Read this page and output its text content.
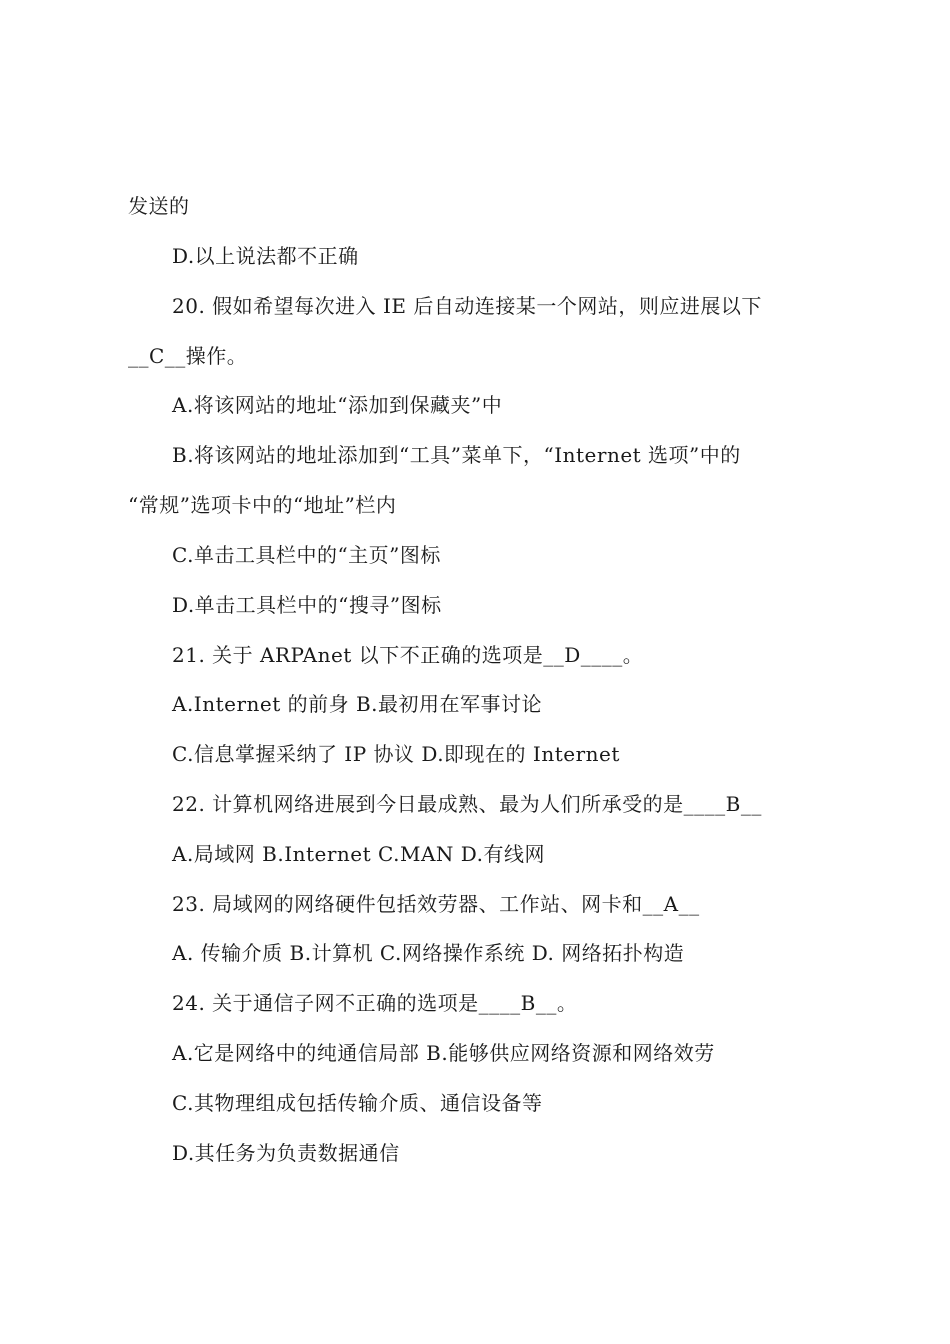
发送的
D.以上说法都不正确
20. 假如希望每次进入 IE 后自动连接某一个网站，则应进展以下
__C__操作。
A.将该网站的地址“添加到保藏夹”中
B.将该网站的地址添加到“工具”菜单下，“Internet 选项”中的
“常规”选项卡中的“地址”栏内
C.单击工具栏中的“主页”图标
D.单击工具栏中的“搜寻”图标
21. 关于 ARPAnet 以下不正确的选项是__D____。
A.Internet 的前身 B.最初用在军事讨论
C.信息掌握采纳了 IP 协议 D.即现在的 Internet
22. 计算机网络进展到今日最成熟、最为人们所承受的是____B__
A.局域网 B.Internet C.MAN D.有线网
23. 局域网的网络硬件包括效劳器、工作站、网卡和__A__
A. 传输介质 B.计算机 C.网络操作系统 D. 网络拓扑构造
24. 关于通信子网不正确的选项是____B__。
A.它是网络中的纯通信局部 B.能够供应网络资源和网络效劳
C.其物理组成包括传输介质、通信设备等
D.其任务为负责数据通信
